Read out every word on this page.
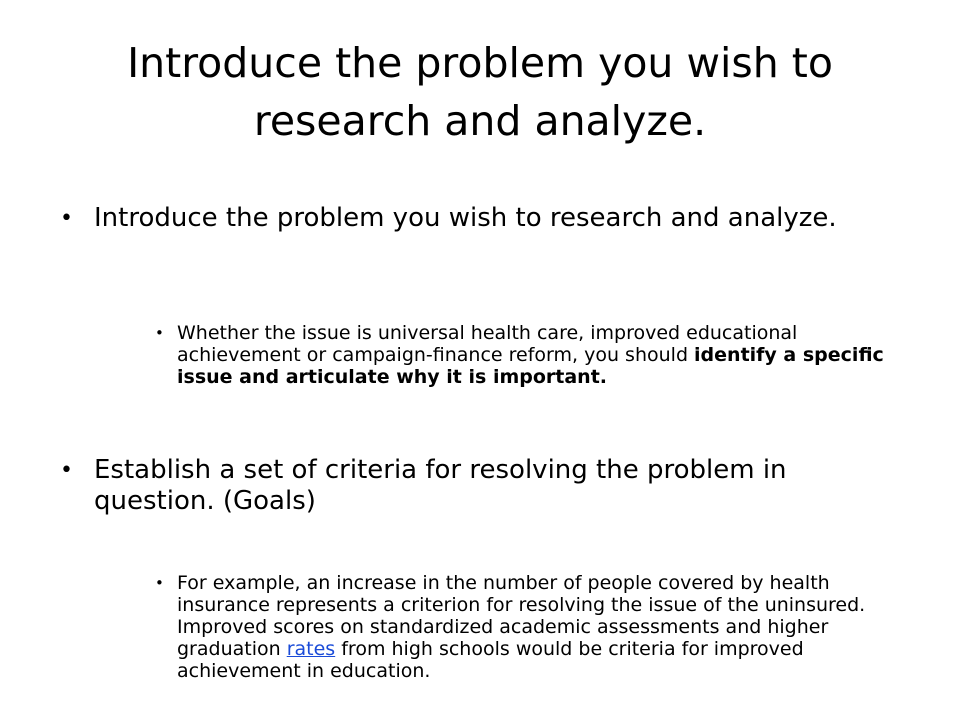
Introduce the problem you wish to research and analyze.
• Introduce the problem you wish to research and analyze.
• Whether the issue is universal health care, improved educational achievement or campaign-finance reform, you should identify a specific issue and articulate why it is important.
• Establish a set of criteria for resolving the problem in question. (Goals)
• For example, an increase in the number of people covered by health insurance represents a criterion for resolving the issue of the uninsured. Improved scores on standardized academic assessments and higher graduation rates from high schools would be criteria for improved achievement in education.
